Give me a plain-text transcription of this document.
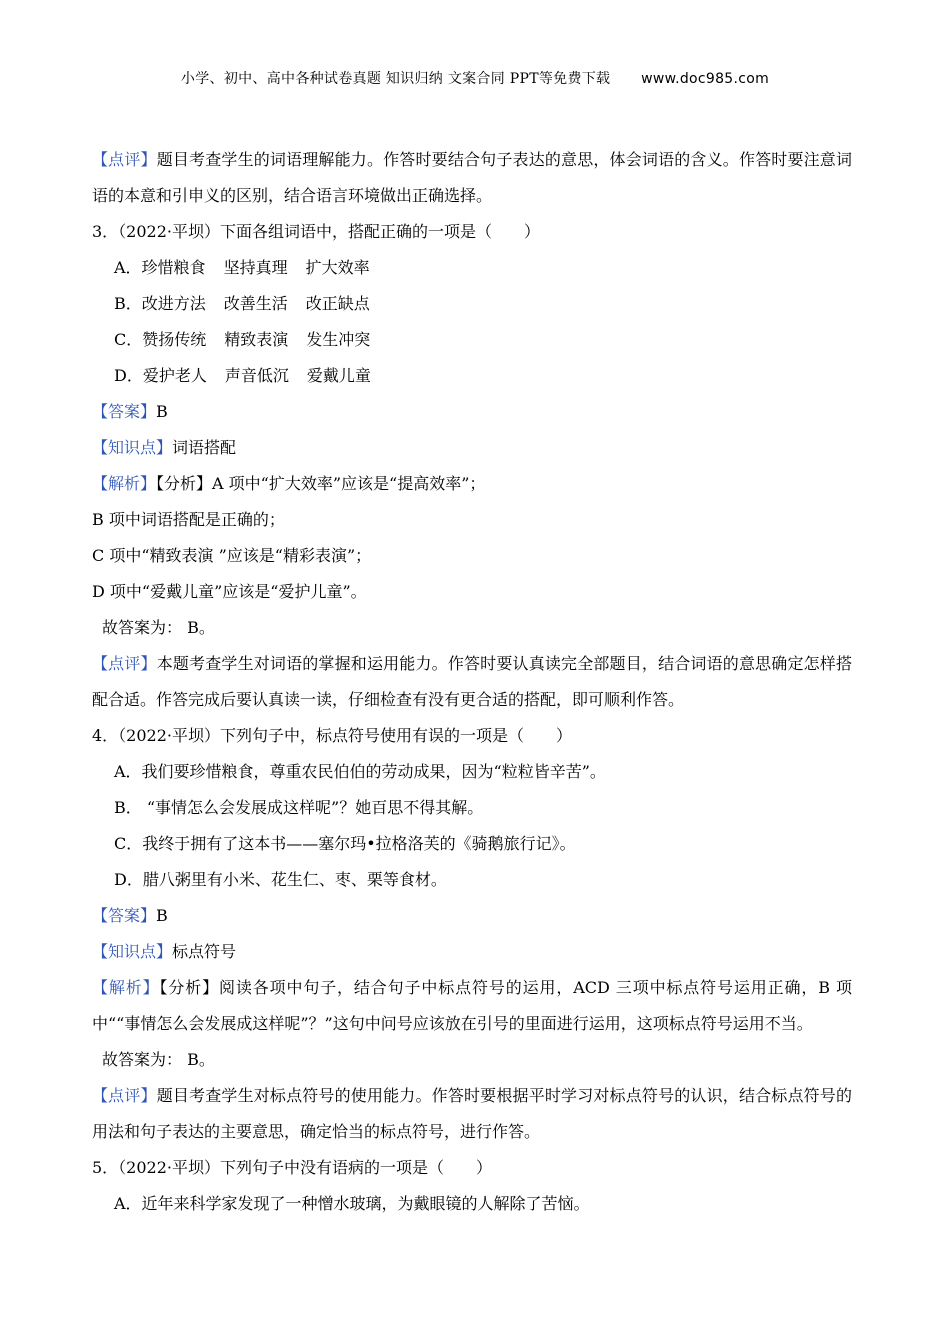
小学、初中、高中各种试卷真题 知识归纳 文案合同 PPT等免费下载 www.doc985.com

【点评】题目考查学生的词语理解能力。作答时要结合句子表达的意思，体会词语的含义。作答时要注意词语的本意和引申义的区别，结合语言环境做出正确选择。

3．（2022·平坝）下面各组词语中，搭配正确的一项是（　　）

A．珍惜粮食 坚持真理 扩大效率

B．改进方法 改善生活 改正缺点

C．赞扬传统 精致表演发生冲突

D．爱护老人 声音低沉 爱戴儿童

【答案】B

【知识点】词语搭配

【解析】【分析】A 项中“扩大效率”应该是“提高效率”；

B 项中词语搭配是正确的；

C 项中“精致表演 ”应该是“精彩表演”；

D 项中“爱戴儿童”应该是“爱护儿童”。

故答案为： B。

【点评】本题考查学生对词语的掌握和运用能力。作答时要认真读完全部题目，结合词语的意思确定怎样搭配合适。作答完成后要认真读一读，仔细检查有没有更合适的搭配，即可顺利作答。

4．（2022·平坝）下列句子中，标点符号使用有误的一项是（　　）

A．我们要珍惜粮食，尊重农民伯伯的劳动成果，因为“粒粒皆辛苦”。

B． “事情怎么会发展成这样呢”？她百思不得其解。

C．我终于拥有了这本书——塞尔玛•拉格洛芙的《骑鹅旅行记》。

D．腊八粥里有小米、花生仁、枣、栗等食材。

【答案】B

【知识点】标点符号

【解析】【分析】阅读各项中句子，结合句子中标点符号的运用，ACD 三项中标点符号运用正确，B 项中““事情怎么会发展成这样呢”？”这句中问号应该放在引号的里面进行运用，这项标点符号运用不当。

故答案为： B。

【点评】题目考查学生对标点符号的使用能力。作答时要根据平时学习对标点符号的认识，结合标点符号的用法和句子表达的主要意思，确定恰当的标点符号，进行作答。

5．（2022·平坝）下列句子中没有语病的一项是（　　）

A．近年来科学家发现了一种憎水玻璃，为戴眼镜的人解除了苦恼。
